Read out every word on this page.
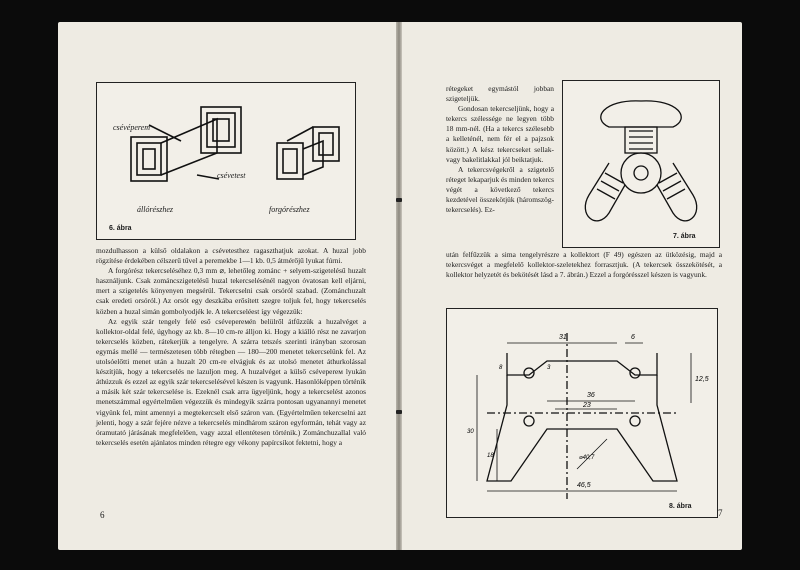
csévéperem
csévetest
állórészhez	forgórészhez
6. ábra

mozdulhasson a külső oldalakon a csévetesthez ragaszthatjuk azokat. A huzal jobb rögzítése érdekében célszerű tűvel a peremekbe 1—1 kb. 0,5 átmérőjű lyukat fúrni.

A forgórész tekercseléséhez 0,3 mm ⌀, lehetőleg zománc + selyem-szigetelésű huzalt használjunk. Csak zománcszigetelésű huzal tekercselésénél nagyon óvatosan kell eljárni, mert a szigetelés könyenyen megsérül. Tekercselni csak orsóról szabad. (Zománchuzalt csak eredeti orsóról.) Az orsót egy deszkába erősített szegre toljuk fel, hogy tekercselés közben a huzal simán gombolyodjék le. A tekercseléest így végezzük:

Az egyik szár tengely felé eső csévepereмén belülről átfűzzük a huzalvéget a kollektor-oldal felé, úgyhogy az kb. 8—10 cm-re álljon ki. Hogy a kiálló rész ne zavarjon tekercselés közben, rátekerjük a tengelyre. A szárra tetszés szerinti irányban szorosan egymás mellé — természetesen több rétegben — 180—200 menetet tekercselünk fel. Az utolsóelőtti menet után a huzalt 20 cm-re elvágjuk és az utolsó menetet áthurkolással készítjük, hogy a tekercselés ne lazuljon meg. A huzalvéget a külső csévepereм lyukán áthúzzuk és ezzel az egyik szár tekercselésével készen is vagyunk. Hasonlóképpen történik a másik két szár tekercselése is. Ezeknél csak arra ügyeljünk, hogy a tekercselést azonos menetszámmal egyértelműen végezzük és mindegyik szárra pontosan ugyanannyi menetet vigyünk fel, mint amennyi a megtekercselt első száron van. (Egyértelműen tekercselni azt jelenti, hogy a szár fejére nézve a tekercselés mindhárom száron egyformán, tehát vagy az óramutató járásának megfelelően, vagy azzal ellentétesen történik.) Zománchuzallal való tekercselés esetén ajánlatos minden rétegre egy vékony papírcsíkot fektetni, hogy a

6

rétegeket egymástól jobban szigeteljük.

Gondosan tekercseljünk, hogy a tekercs szélessége ne legyen több 18 mm-nél. (Ha a tekercs szélesebb a kelleténél, nem fér el a pajzsok között.) A kész tekercseket sellak- vagy bakelitlakkal jól beiktatjuk.

A tekercsvégekről a szigetelő réteget lekaparjuk és minden tekercs végét a következő tekercs kezdetével összekötjük (háromszög-tekercselés). Ez-

7. ábra

után felfűzzük a sima tengelyrészre a kollektort (F 49) egészen az ütközésig, majd a tekercsvéget a megfelelő kollektor-szeletekhez forrasztjuk. (A tekercsek összekötését, a kollektor helyzetét és bekötését lásd a 7. ábrán.) Ezzel a forgórésszel készen is vagyunk.

31	6
36
23
46,5
12,5
30
18
8	3
⌀40,7
8. ábra
7
